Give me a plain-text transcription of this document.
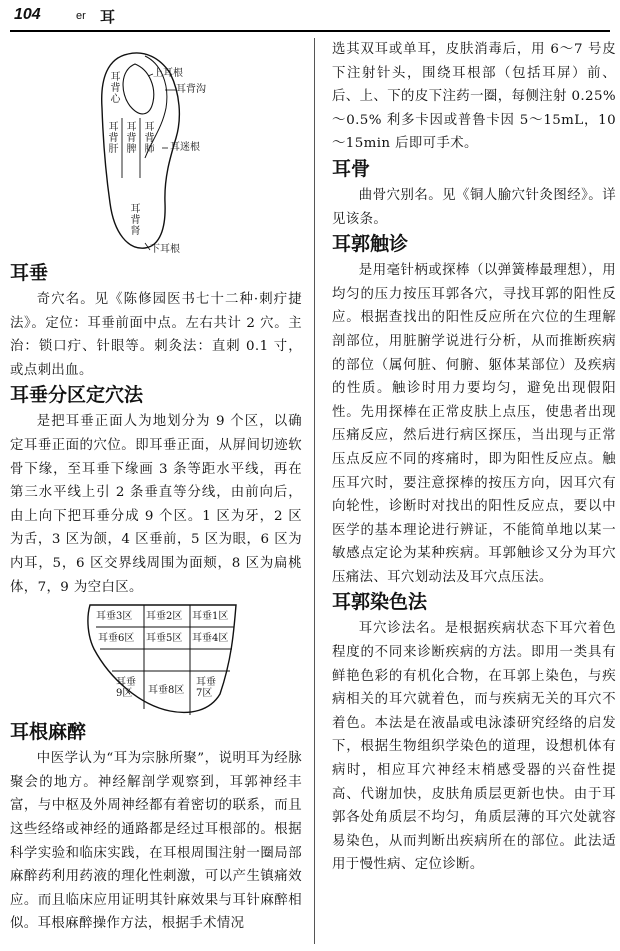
104	er 耳
上耳根
耳背沟
耳迷根
下耳根
耳背心
耳背肝
耳背脾
耳背肺
耳背肾
耳垂

奇穴名。见《陈修园医书七十二种·刺疔捷法》。定位：耳垂前面中点。左右共计 2 穴。主治：锁口疔、针眼等。刺灸法：直刺 0.1 寸，或点刺出血。

耳垂分区定穴法

是把耳垂正面人为地划分为 9 个区，以确定耳垂正面的穴位。即耳垂正面，从屏间切迹软骨下缘，至耳垂下缘画 3 条等距水平线，再在第三水平线上引 2 条垂直等分线，由前向后，由上向下把耳垂分成 9 个区。1 区为牙，2 区为舌，3 区为颌，4 区垂前，5 区为眼，6 区为内耳，5，6 区交界线周围为面颊，8 区为扁桃体，7，9 为空白区。

耳垂3区 耳垂2区 耳垂1区
耳垂6区 耳垂5区 耳垂4区
耳垂9区	耳垂8区
耳垂7区
耳根麻醉

中医学认为“耳为宗脉所聚”，说明耳为经脉聚会的地方。神经解剖学观察到，耳郭神经丰富，与中枢及外周神经都有着密切的联系，而且这些经络或神经的通路都是经过耳根部的。根据科学实验和临床实践，在耳根周围注射一圈局部麻醉药利用药液的理化性刺激，可以产生镇痛效应。而且临床应用证明其针麻效果与耳针麻醉相似。耳根麻醉操作方法，根据手术情况

选其双耳或单耳，皮肤消毒后，用 6～7 号皮下注射针头，围绕耳根部（包括耳屏）前、后、上、下的皮下注药一圈，每侧注射 0.25%～0.5% 利多卡因或普鲁卡因 5～15mL，10～15min 后即可手术。

耳骨

曲骨穴别名。见《铜人腧穴针灸图经》。详见该条。

耳郭触诊

是用毫针柄或探棒（以弹簧棒最理想），用均匀的压力按压耳郭各穴，寻找耳郭的阳性反应。根据查找出的阳性反应所在穴位的生理解剖部位，用脏腑学说进行分析，从而推断疾病的部位（属何脏、何腑、躯体某部位）及疾病的性质。触诊时用力要均匀，避免出现假阳性。先用探棒在正常皮肤上点压，使患者出现压痛反应，然后进行病区探压，当出现与正常压点反应不同的疼痛时，即为阳性反应点。触压耳穴时，要注意探棒的按压方向，因耳穴有向轮性，诊断时对找出的阳性反应点，要以中医学的基本理论进行辨证，不能简单地以某一敏感点定论为某种疾病。耳郭触诊又分为耳穴压痛法、耳穴划动法及耳穴点压法。

耳郭染色法

耳穴诊法名。是根据疾病状态下耳穴着色程度的不同来诊断疾病的方法。即用一类具有鲜艳色彩的有机化合物，在耳郭上染色，与疾病相关的耳穴就着色，而与疾病无关的耳穴不着色。本法是在液晶或电泳漆研究经络的启发下，根据生物组织学染色的道理，设想机体有病时，相应耳穴神经末梢感受器的兴奋性提高、代谢加快，皮肤角质层更新也快。由于耳郭各处角质层不均匀，角质层薄的耳穴处就容易染色，从而判断出疾病所在的部位。此法适用于慢性病、定位诊断。
